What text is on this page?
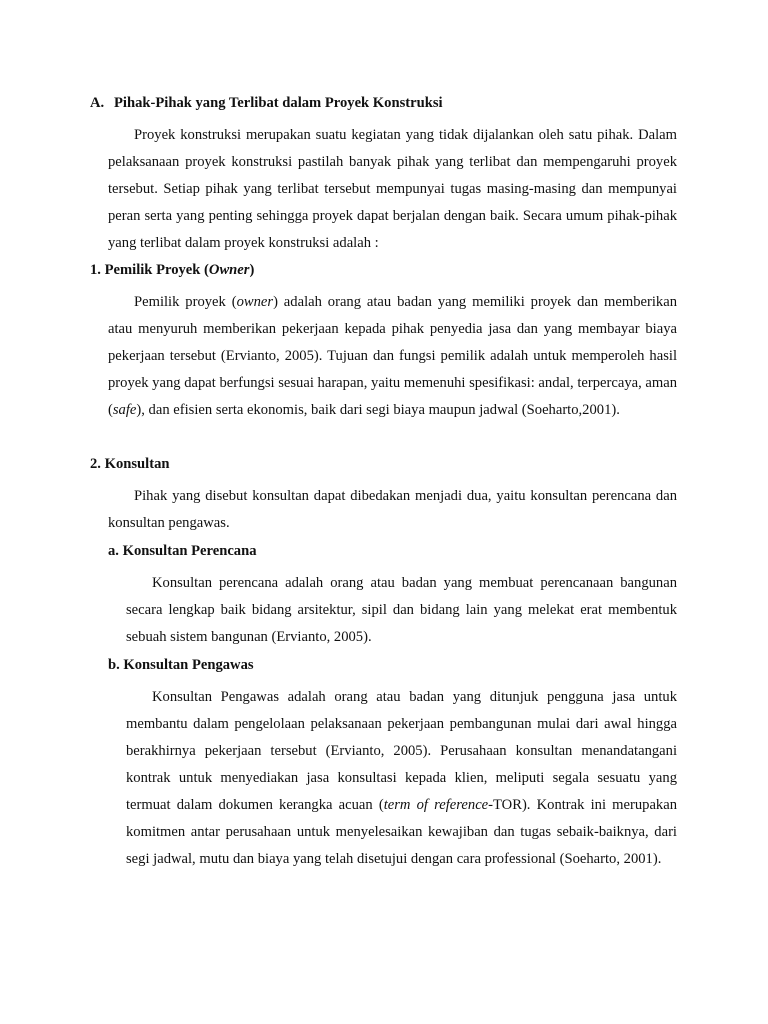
A. Pihak-Pihak yang Terlibat dalam Proyek Konstruksi

Proyek konstruksi merupakan suatu kegiatan yang tidak dijalankan oleh satu pihak. Dalam pelaksanaan proyek konstruksi pastilah banyak pihak yang terlibat dan mempengaruhi proyek tersebut. Setiap pihak yang terlibat tersebut mempunyai tugas masing-masing dan mempunyai peran serta yang penting sehingga proyek dapat berjalan dengan baik. Secara umum pihak-pihak yang terlibat dalam proyek konstruksi adalah :

1. Pemilik Proyek (Owner)

Pemilik proyek (owner) adalah orang atau badan yang memiliki proyek dan memberikan atau menyuruh memberikan pekerjaan kepada pihak penyedia jasa dan yang membayar biaya pekerjaan tersebut (Ervianto, 2005). Tujuan dan fungsi pemilik adalah untuk memperoleh hasil proyek yang dapat berfungsi sesuai harapan, yaitu memenuhi spesifikasi: andal, terpercaya, aman (safe), dan efisien serta ekonomis, baik dari segi biaya maupun jadwal (Soeharto,2001).

2. Konsultan

Pihak yang disebut konsultan dapat dibedakan menjadi dua, yaitu konsultan perencana dan konsultan pengawas.

a. Konsultan Perencana

Konsultan perencana adalah orang atau badan yang membuat perencanaan bangunan secara lengkap baik bidang arsitektur, sipil dan bidang lain yang melekat erat membentuk sebuah sistem bangunan (Ervianto, 2005).

b. Konsultan Pengawas

Konsultan Pengawas adalah orang atau badan yang ditunjuk pengguna jasa untuk membantu dalam pengelolaan pelaksanaan pekerjaan pembangunan mulai dari awal hingga berakhirnya pekerjaan tersebut (Ervianto, 2005). Perusahaan konsultan menandatangani kontrak untuk menyediakan jasa konsultasi kepada klien, meliputi segala sesuatu yang termuat dalam dokumen kerangka acuan (term of reference-TOR). Kontrak ini merupakan komitmen antar perusahaan untuk menyelesaikan kewajiban dan tugas sebaik-baiknya, dari segi jadwal, mutu dan biaya yang telah disetujui dengan cara professional (Soeharto, 2001).
